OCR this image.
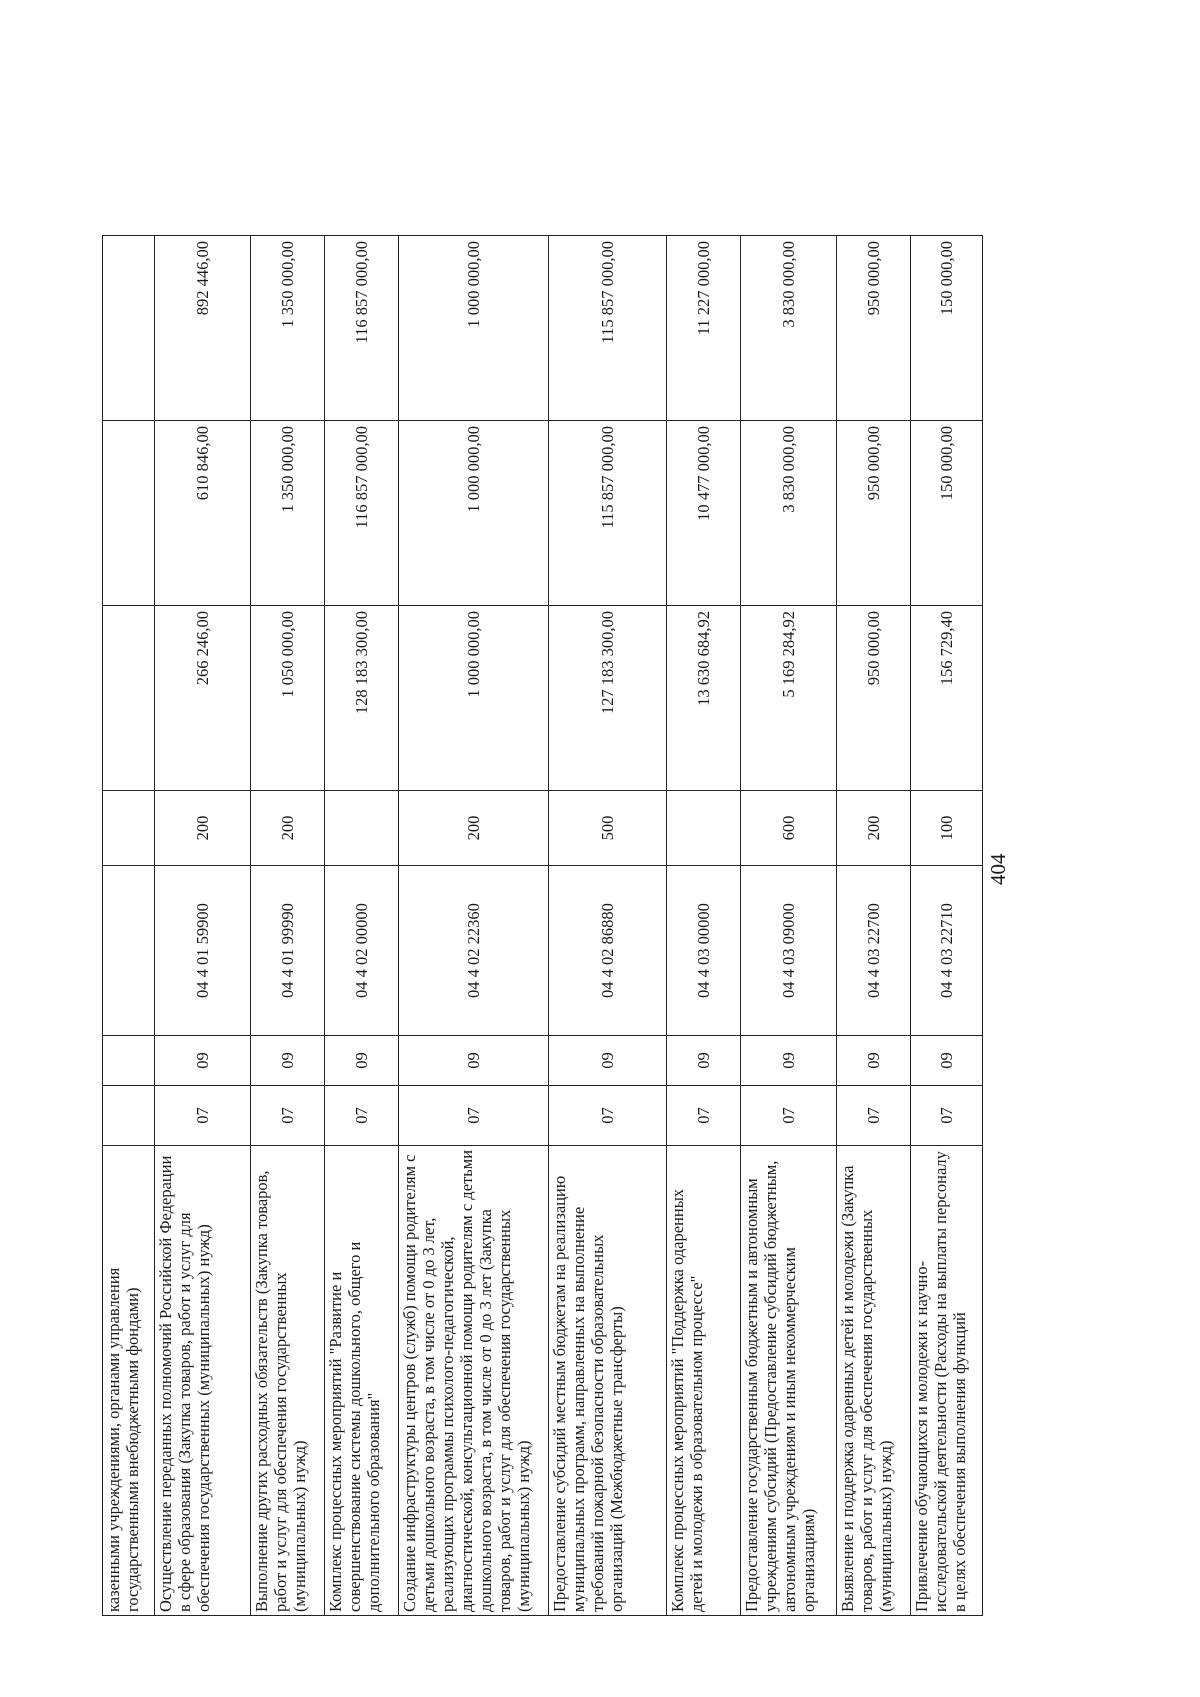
404
казенными учреждениями, органами управления государственными внебюджетными фондами)							
Осуществление переданных полномочий Российской Федерации в сфере образования (Закупка товаров, работ и услуг для обеспечения государственных (муниципальных) нужд)	07	09	04 4 01 59900	200	266 246,00	610 846,00	892 446,00
Выполнение других расходных обязательств (Закупка товаров, работ и услуг для обеспечения государственных (муниципальных) нужд)	07	09	04 4 01 99990	200	1 050 000,00	1 350 000,00	1 350 000,00
Комплекс процессных мероприятий "Развитие и совершенствование системы дошкольного, общего и дополнительного образования"	07	09	04 4 02 00000		128 183 300,00	116 857 000,00	116 857 000,00
Создание инфраструктуры центров (служб) помощи родителям с детьми дошкольного возраста, в том числе от 0 до 3 лет, реализующих программы психолого-педагогической, диагностической, консультационной помощи родителям с детьми дошкольного возраста, в том числе от 0 до 3 лет (Закупка товаров, работ и услуг для обеспечения государственных (муниципальных) нужд)	07	09	04 4 02 22360	200	1 000 000,00	1 000 000,00	1 000 000,00
Предоставление субсидий местным бюджетам на реализацию муниципальных программ, направленных на выполнение требований пожарной безопасности образовательных организаций (Межбюджетные трансферты)	07	09	04 4 02 86880	500	127 183 300,00	115 857 000,00	115 857 000,00
Комплекс процессных мероприятий "Поддержка одаренных детей и молодежи в образовательном процессе"	07	09	04 4 03 00000		13 630 684,92	10 477 000,00	11 227 000,00
Предоставление государственным бюджетным и автономным учреждениям субсидий (Предоставление субсидий бюджетным, автономным учреждениям и иным некоммерческим организациям)	07	09	04 4 03 09000	600	5 169 284,92	3 830 000,00	3 830 000,00
Выявление и поддержка одаренных детей и молодежи (Закупка товаров, работ и услуг для обеспечения государственных (муниципальных) нужд)	07	09	04 4 03 22700	200	950 000,00	950 000,00	950 000,00
Привлечение обучающихся и молодежи к научно-исследовательской деятельности (Расходы на выплаты персоналу в целях обеспечения выполнения функций	07	09	04 4 03 22710	100	156 729,40	150 000,00	150 000,00
